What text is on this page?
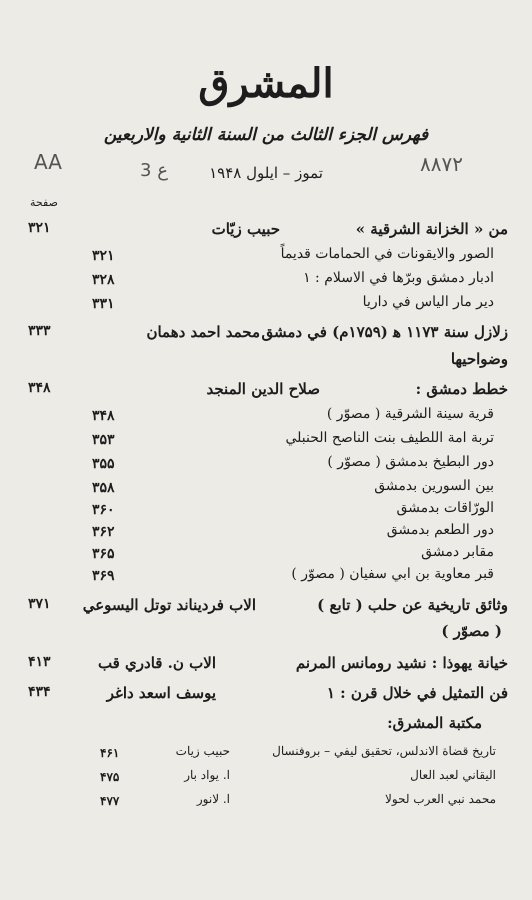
المشرق
فهرس الجزء الثالث من السنة الثانية والاربعين
AA	3 ع	۸۸۷۲
تموز – ايلول ۱۹۴۸
صفحة
من « الخزانة الشرقية »
حبيب زيّات
۳۲۱
الصور والايقونات في الحمامات قديماً
۳۲۱
ادبار دمشق وبرّها في الاسلام : ۱
۳۲۸
دير مار الياس في داريا
۳۳۱
زلازل سنة ۱۱۷۳ ﻫ (۱۷۵۹م) في دمشق
محمد احمد دهمان
۳۳۳
وضواحيها
خطط دمشق :
صلاح الدين المنجد
۳۴۸
قرية سينة الشرقية ( مصوّر )
۳۴۸
تربة امة اللطيف بنت الناصح الحنبلي
۳۵۳
دور البطيخ بدمشق ( مصوّر )
۳۵۵
بين السورين بدمشق
۳۵۸
الورّاقات بدمشق
۳۶۰
دور الطعم بدمشق
۳۶۲
مقابر دمشق
۳۶۵
قبر معاوية بن ابي سفيان ( مصوّر )
۳۶۹
وثائق تاريخية عن حلب ( تابع )
الاب فرديناند توتل اليسوعي
۳۷۱
( مصوّر )
خيانة يهوذا : نشيد رومانس المرنم
الاب ن. قادري قب
۴۱۳
فن التمثيل في خلال قرن : ۱
يوسف اسعد داغر
۴۳۴
مكتبة المشرق:
تاريخ قضاة الاندلس، تحقيق ليفي – بروفنسال
حبيب زيات
۴۶۱
اليقاني لعبد العال
ا. يواد بار
۴۷۵
محمد نبي العرب لحولا
ا. لانور
۴۷۷
